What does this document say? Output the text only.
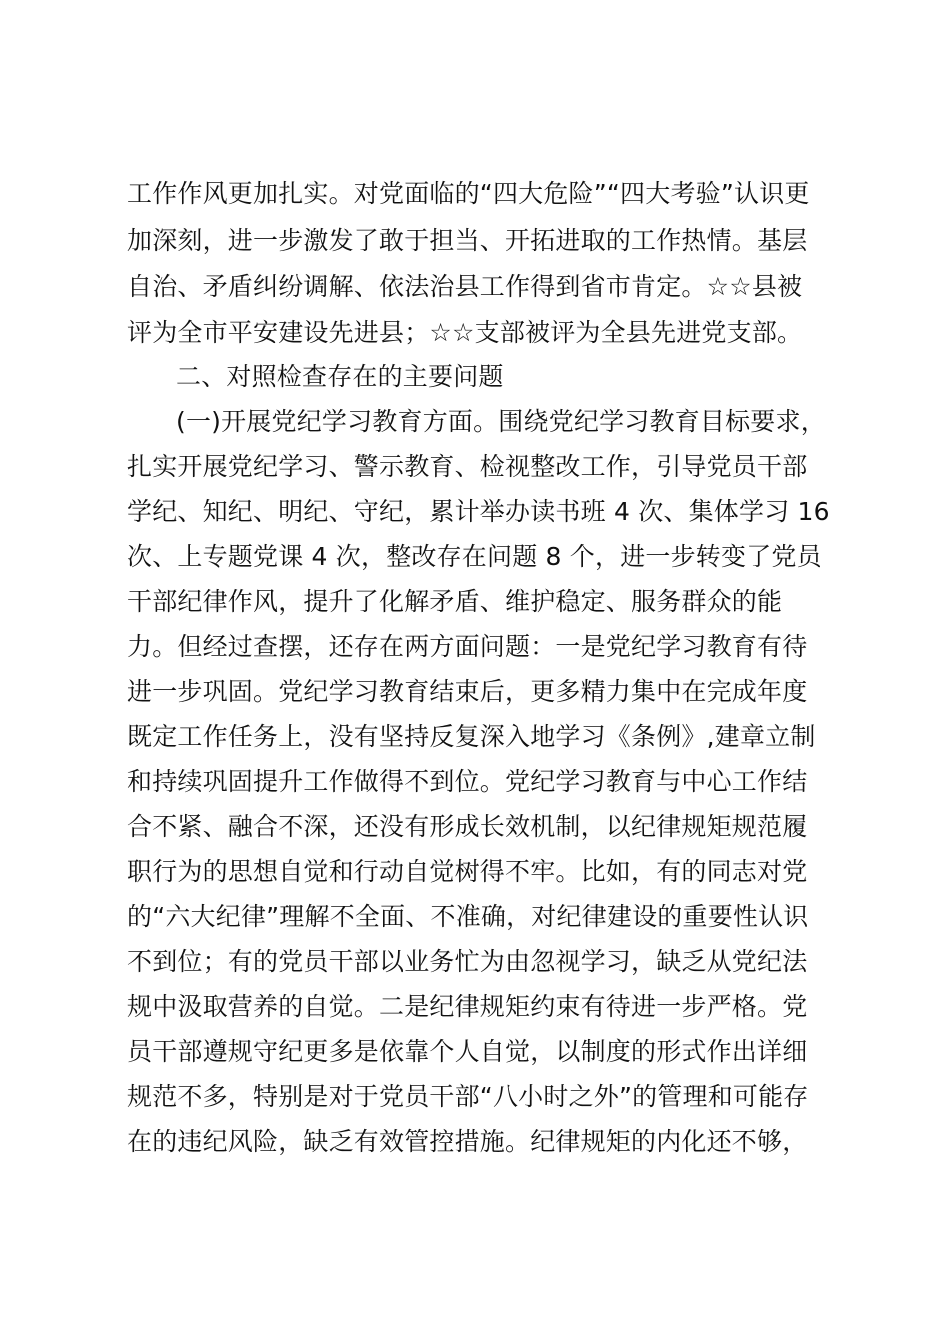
工作作风更加扎实。对党面临的“四大危险”“四大考验”认识更
加深刻，进一步激发了敢于担当、开拓进取的工作热情。基层
自治、矛盾纠纷调解、依法治县工作得到省市肯定。☆☆县被
评为全市平安建设先进县；☆☆支部被评为全县先进党支部。
二、对照检查存在的主要问题
(一)开展党纪学习教育方面。围绕党纪学习教育目标要求，
扎实开展党纪学习、警示教育、检视整改工作，引导党员干部
学纪、知纪、明纪、守纪，累计举办读书班 4 次、集体学习 16
次、上专题党课 4 次，整改存在问题 8 个，进一步转变了党员
干部纪律作风，提升了化解矛盾、维护稳定、服务群众的能
力。但经过查摆，还存在两方面问题：一是党纪学习教育有待
进一步巩固。党纪学习教育结束后，更多精力集中在完成年度
既定工作任务上，没有坚持反复深入地学习《条例》,建章立制
和持续巩固提升工作做得不到位。党纪学习教育与中心工作结
合不紧、融合不深，还没有形成长效机制，以纪律规矩规范履
职行为的思想自觉和行动自觉树得不牢。比如，有的同志对党
的“六大纪律”理解不全面、不准确，对纪律建设的重要性认识
不到位；有的党员干部以业务忙为由忽视学习，缺乏从党纪法
规中汲取营养的自觉。二是纪律规矩约束有待进一步严格。党
员干部遵规守纪更多是依靠个人自觉，以制度的形式作出详细
规范不多，特别是对于党员干部“八小时之外”的管理和可能存
在的违纪风险，缺乏有效管控措施。纪律规矩的内化还不够，
